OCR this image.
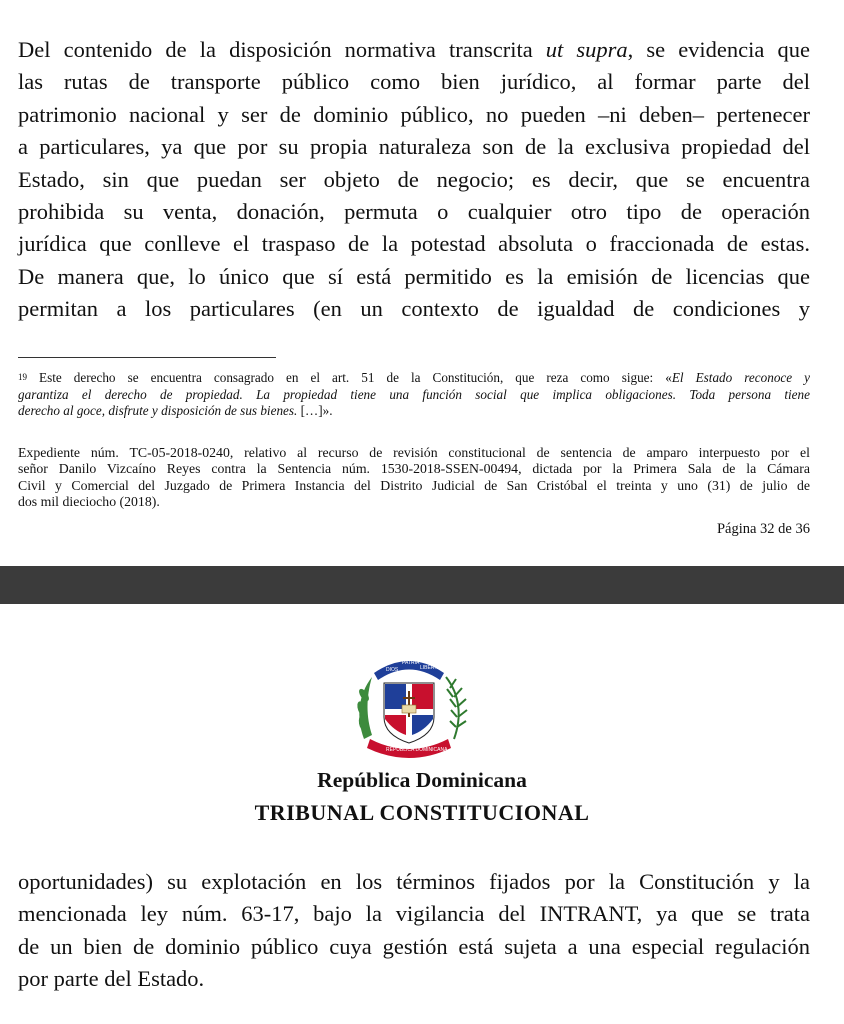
Del contenido de la disposición normativa transcrita ut supra, se evidencia que
las rutas de transporte público como bien jurídico, al formar parte del
patrimonio nacional y ser de dominio público, no pueden –ni deben– pertenecer
a particulares, ya que por su propia naturaleza son de la exclusiva propiedad del
Estado, sin que puedan ser objeto de negocio; es decir, que se encuentra
prohibida su venta, donación, permuta o cualquier otro tipo de operación
jurídica que conlleve el traspaso de la potestad absoluta o fraccionada de estas.
De manera que, lo único que sí está permitido es la emisión de licencias que
permitan a los particulares (en un contexto de igualdad de condiciones y

$^{19}$ Este derecho se encuentra consagrado en el art. 51 de la Constitución, que reza como sigue: «El Estado reconoce y
garantiza el derecho de propiedad. La propiedad tiene una función social que implica obligaciones. Toda persona tiene
derecho al goce, disfrute y disposición de sus bienes. […]».
Expediente núm. TC-05-2018-0240, relativo al recurso de revisión constitucional de sentencia de amparo interpuesto por el
señor Danilo Vizcaíno Reyes contra la Sentencia núm. 1530-2018-SSEN-00494, dictada por la Primera Sala de la Cámara
Civil y Comercial del Juzgado de Primera Instancia del Distrito Judicial de San Cristóbal el treinta y uno (31) de julio de
dos mil dieciocho (2018).
Página 32 de 36
DIOS
PATRIA
LIBERTAD
REPÚBLICA DOMINICANA
República Dominicana
TRIBUNAL CONSTITUCIONAL

oportunidades) su explotación en los términos fijados por la Constitución y la
mencionada ley núm. 63-17, bajo la vigilancia del INTRANT, ya que se trata
de un bien de dominio público cuya gestión está sujeta a una especial regulación
por parte del Estado.
